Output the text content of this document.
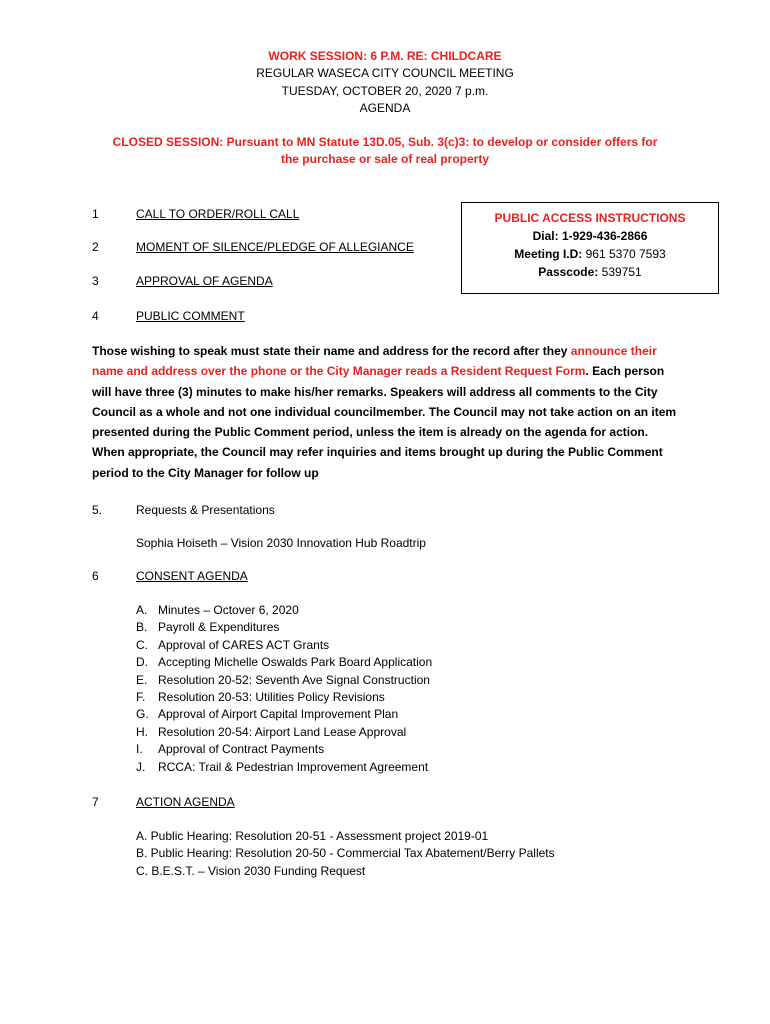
WORK SESSION: 6 P.M. RE: CHILDCARE
REGULAR WASECA CITY COUNCIL MEETING
TUESDAY, OCTOBER 20, 2020 7 p.m.
AGENDA
CLOSED SESSION: Pursuant to MN Statute 13D.05, Sub. 3(c)3: to develop or consider offers for
the purchase or sale of real property
1	CALL TO ORDER/ROLL CALL
2	MOMENT OF SILENCE/PLEDGE OF ALLEGIANCE
3	APPROVAL OF AGENDA
4	PUBLIC COMMENT
PUBLIC ACCESS INSTRUCTIONS
Dial: 1-929-436-2866
Meeting I.D: 961 5370 7593
Passcode: 539751
Those wishing to speak must state their name and address for the record after they announce their name and address over the phone or the City Manager reads a Resident Request Form. Each person will have three (3) minutes to make his/her remarks. Speakers will address all comments to the City Council as a whole and not one individual councilmember. The Council may not take action on an item presented during the Public Comment period, unless the item is already on the agenda for action. When appropriate, the Council may refer inquiries and items brought up during the Public Comment period to the City Manager for follow up
5.	Requests & Presentations
Sophia Hoiseth – Vision 2030 Innovation Hub Roadtrip
6	CONSENT AGENDA
A. Minutes – Octover 6, 2020
B. Payroll & Expenditures
C. Approval of CARES ACT Grants
D. Accepting Michelle Oswalds Park Board Application
E. Resolution 20-52: Seventh Ave Signal Construction
F.	Resolution 20-53: Utilities Policy Revisions
G. Approval of Airport Capital Improvement Plan
H. Resolution 20-54: Airport Land Lease Approval
I.	Approval of Contract Payments
J.	RCCA: Trail & Pedestrian Improvement Agreement
7	ACTION AGENDA
A. Public Hearing: Resolution 20-51 - Assessment project 2019-01
B. Public Hearing: Resolution 20-50 - Commercial Tax Abatement/Berry Pallets
C. B.E.S.T. – Vision 2030 Funding Request
